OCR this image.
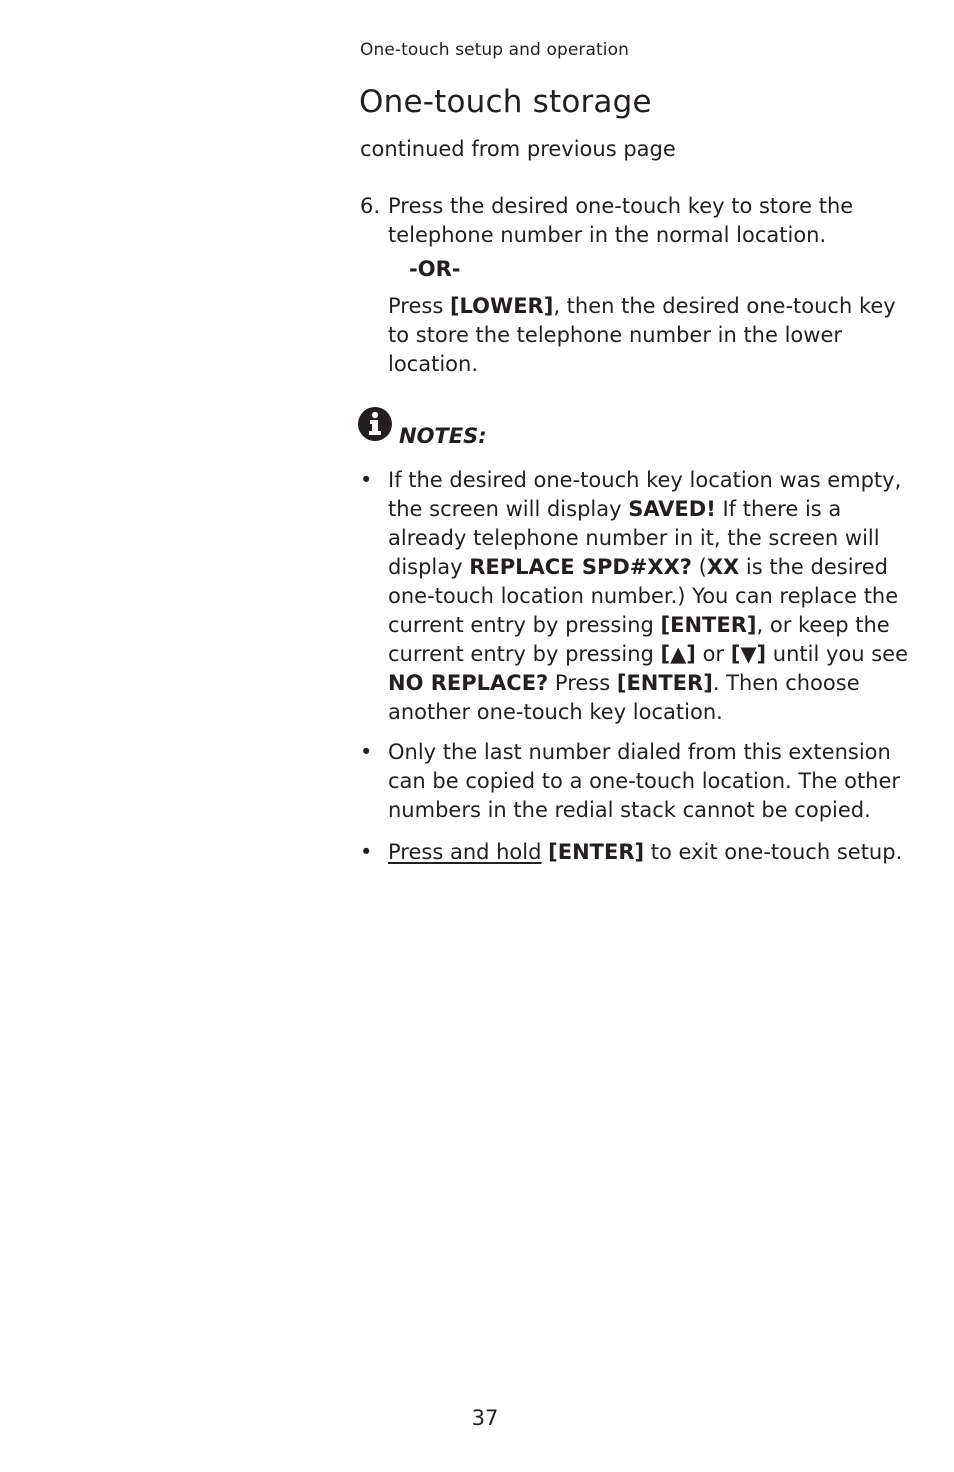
One-touch setup and operation
One-touch storage
continued from previous page
6. Press the desired one-touch key to store the telephone number in the normal location.
-OR-
Press [LOWER], then the desired one-touch key to store the telephone number in the lower location.
NOTES:
• If the desired one-touch key location was empty, the screen will display SAVED! If there is a already telephone number in it, the screen will display REPLACE SPD#XX? (XX is the desired one-touch location number.) You can replace the current entry by pressing [ENTER], or keep the current entry by pressing [▲] or [▼] until you see NO REPLACE? Press [ENTER]. Then choose another one-touch key location.
• Only the last number dialed from this extension can be copied to a one-touch location. The other numbers in the redial stack cannot be copied.
• Press and hold [ENTER] to exit one-touch setup.
37
